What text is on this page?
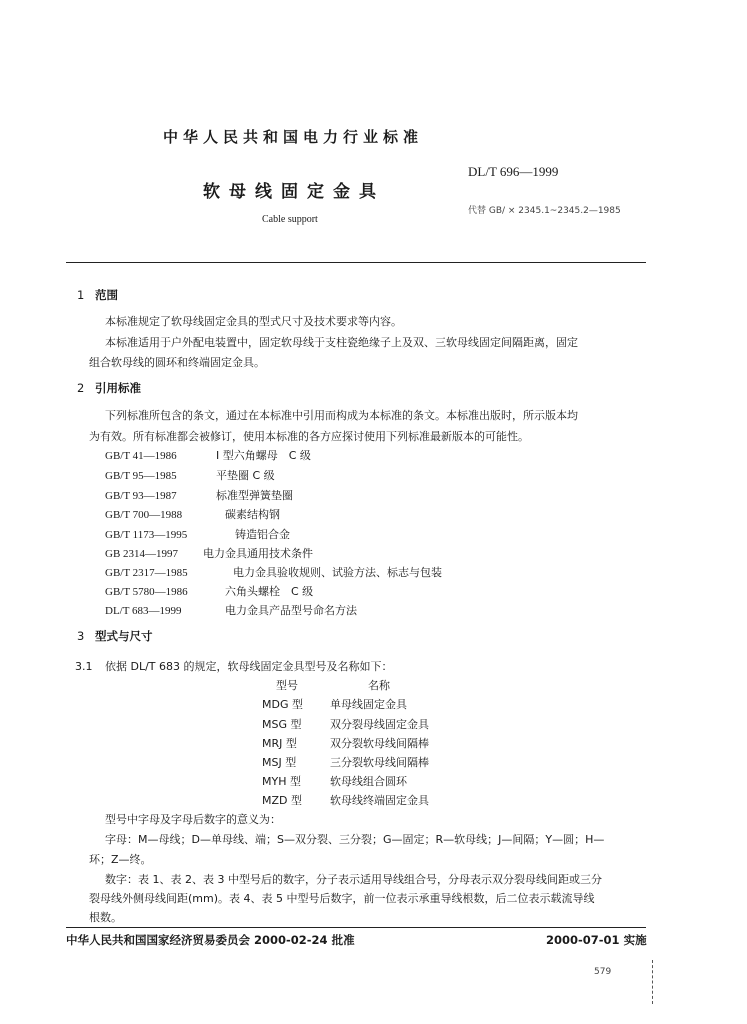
中华人民共和国电力行业标准
DL/T 696—1999
软母线固定金具
代替 GB/ × 2345.1~2345.2—1985
Cable support
1 范围
本标准规定了软母线固定金具的型式尺寸及技术要求等内容。
本标准适用于户外配电装置中，固定软母线于支柱瓷绝缘子上及双、三软母线固定间隔距离，固定
组合软母线的圆环和终端固定金具。
2 引用标准
下列标准所包含的条文，通过在本标准中引用而构成为本标准的条文。本标准出版时，所示版本均
为有效。所有标准都会被修订，使用本标准的各方应探讨使用下列标准最新版本的可能性。
GB/T 41—1986	I 型六角螺母　C 级
GB/T 95—1985	平垫圈 C 级
GB/T 93—1987	标准型弹簧垫圈
GB/T 700—1988	碳素结构钢
GB/T 1173—1995	铸造铝合金
GB 2314—1997 电力金具通用技术条件
GB/T 2317—1985	电力金具验收规则、试验方法、标志与包装
GB/T 5780—1986	六角头螺栓　C 级
DL/T 683—1999	电力金具产品型号命名方法
3 型式与尺寸
3.1 依据 DL/T 683 的规定，软母线固定金具型号及名称如下：
型号	名称
MDG 型 单母线固定金具
MSG 型	双分裂母线固定金具
MRJ 型	双分裂软母线间隔棒
MSJ 型	三分裂软母线间隔棒
MYH 型	软母线组合圆环
MZD 型	软母线终端固定金具
型号中字母及字母后数字的意义为：
字母：M—母线；D—单母线、端；S—双分裂、三分裂；G—固定；R—软母线；J—间隔；Y—圆；H—
环；Z—终。
数字：表 1、表 2、表 3 中型号后的数字，分子表示适用导线组合号，分母表示双分裂母线间距或三分
裂母线外侧母线间距(mm)。表 4、表 5 中型号后数字，前一位表示承重导线根数，后二位表示载流导线
根数。
中华人民共和国国家经济贸易委员会 2000-02-24 批准	2000-07-01 实施
579
